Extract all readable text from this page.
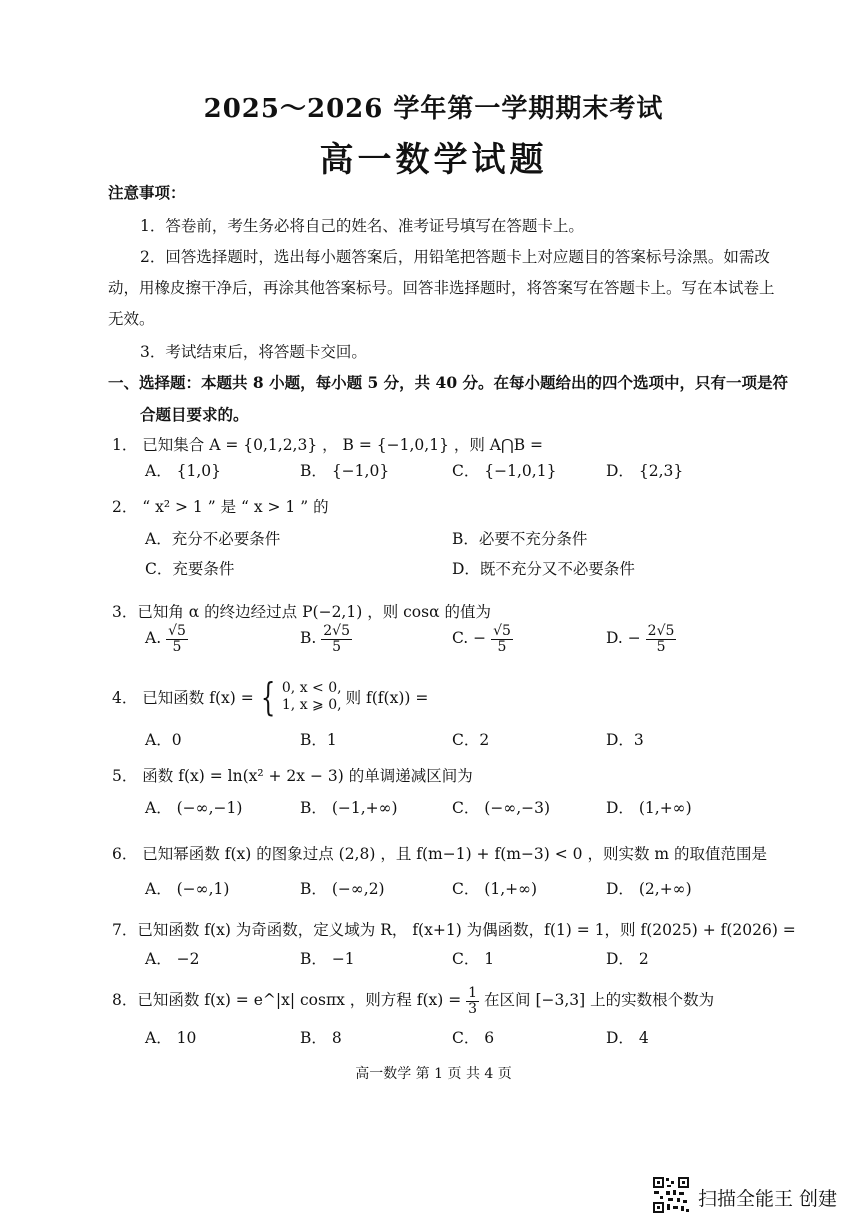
2025～2026 学年第一学期期末考试
高一数学试题
注意事项：
1．答卷前，考生务必将自己的姓名、准考证号填写在答题卡上。
2．回答选择题时，选出每小题答案后，用铅笔把答题卡上对应题目的答案标号涂黑。如需改
动，用橡皮擦干净后，再涂其他答案标号。回答非选择题时，将答案写在答题卡上。写在本试卷上
无效。
3．考试结束后，将答题卡交回。
一、选择题：本题共 8 小题，每小题 5 分，共 40 分。在每小题给出的四个选项中，只有一项是符
合题目要求的。
1． 已知集合 A = {0,1,2,3} ， B = {−1,0,1} ，则 A⋂B =
A． {1,0}	B． {−1,0}	C． {−1,0,1}	D． {2,3}
2． “ x² > 1 ” 是 “ x > 1 ” 的
A．充分不必要条件	B．必要不充分条件
C．充要条件	D．既不充分又不必要条件
3．已知角 α 的终边经过点 P(−2,1) ，则 cosα 的值为
A. $\frac{√5}{5}$	B. $\frac{2√5}{5}$	C. − $\frac{√5}{5}$	D. − $\frac{2√5}{5}$
4． 已知函数 f(x) = { 0, x < 0,
1, x ⩾ 0, 则 f(f(x)) =
A．0	B．1	C．2	D．3
5． 函数 f(x) = ln(x² + 2x − 3) 的单调递减区间为
A． (−∞,−1)	B． (−1,+∞)	C． (−∞,−3)	D． (1,+∞)
6． 已知幂函数 f(x) 的图象过点 (2,8) ，且 f(m−1) + f(m−3) < 0 ，则实数 m 的取值范围是
A． (−∞,1)	B． (−∞,2)	C． (1,+∞)	D． (2,+∞)
7．已知函数 f(x) 为奇函数，定义域为 R， f(x+1) 为偶函数，f(1) = 1，则 f(2025) + f(2026) =
A． −2	B． −1	C． 1	D． 2
8．已知函数 f(x) = e^|x| cosπx ，则方程 $f(x) = \frac{1}{3}$ 在区间 [−3,3] 上的实数根个数为
A． 10	B． 8	C． 6	D． 4
高一数学 第 1 页 共 4 页
扫描全能王 创建
